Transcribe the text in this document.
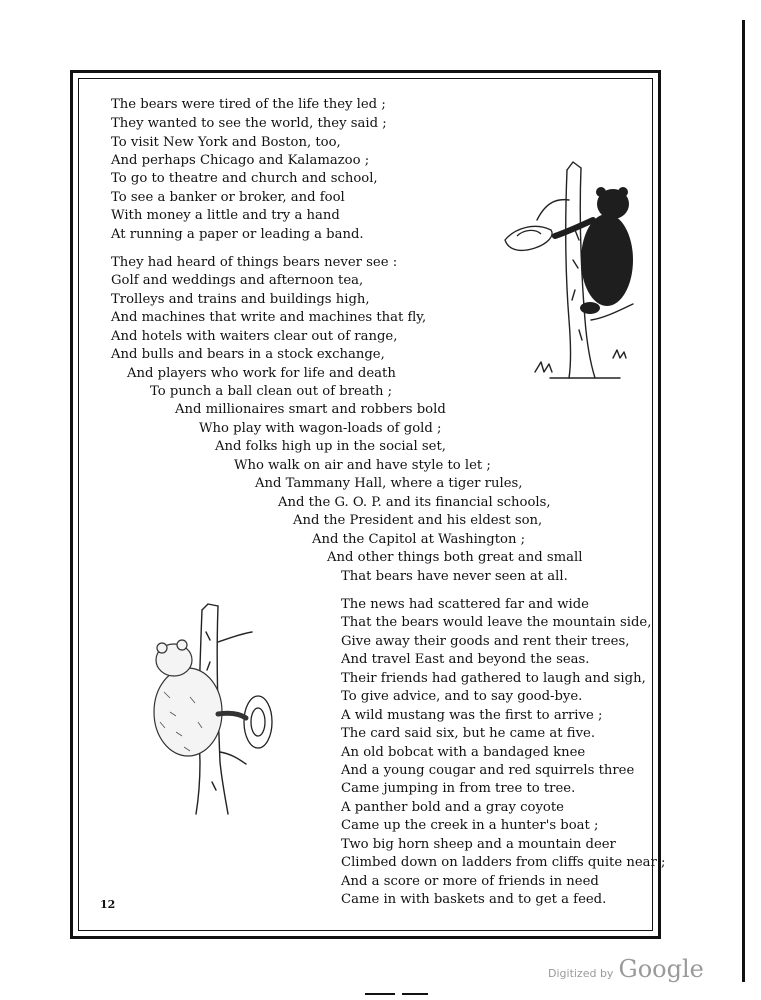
The bears were tired of the life they led ;
They wanted to see the world, they said ;
To visit New York and Boston, too,
And perhaps Chicago and Kalamazoo ;
To go to theatre and church and school,
To see a banker or broker, and fool
With money a little and try a hand
At running a paper or leading a band.
They had heard of things bears never see :
Golf and weddings and afternoon tea,
Trolleys and trains and buildings high,
And machines that write and machines that fly,
And hotels with waiters clear out of range,
And bulls and bears in a stock exchange,
And players who work for life and death
To punch a ball clean out of breath ;
And millionaires smart and robbers bold
Who play with wagon-loads of gold ;
And folks high up in the social set,
Who walk on air and have style to let ;
And Tammany Hall, where a tiger rules,
And the G. O. P. and its financial schools,
And the President and his eldest son,
And the Capitol at Washington ;
And other things both great and small
That bears have never seen at all.
The news had scattered far and wide
That the bears would leave the mountain side,
Give away their goods and rent their trees,
And travel East and beyond the seas.
Their friends had gathered to laugh and sigh,
To give advice, and to say good-bye.
A wild mustang was the first to arrive ;
The card said six, but he came at five.
An old bobcat with a bandaged knee
And a young cougar and red squirrels three
Came jumping in from tree to tree.
A panther bold and a gray coyote
Came up the creek in a hunter's boat ;
Two big horn sheep and a mountain deer
Climbed down on ladders from cliffs quite near ;
And a score or more of friends in need
Came in with baskets and to get a feed.
12
Digitized by Google
